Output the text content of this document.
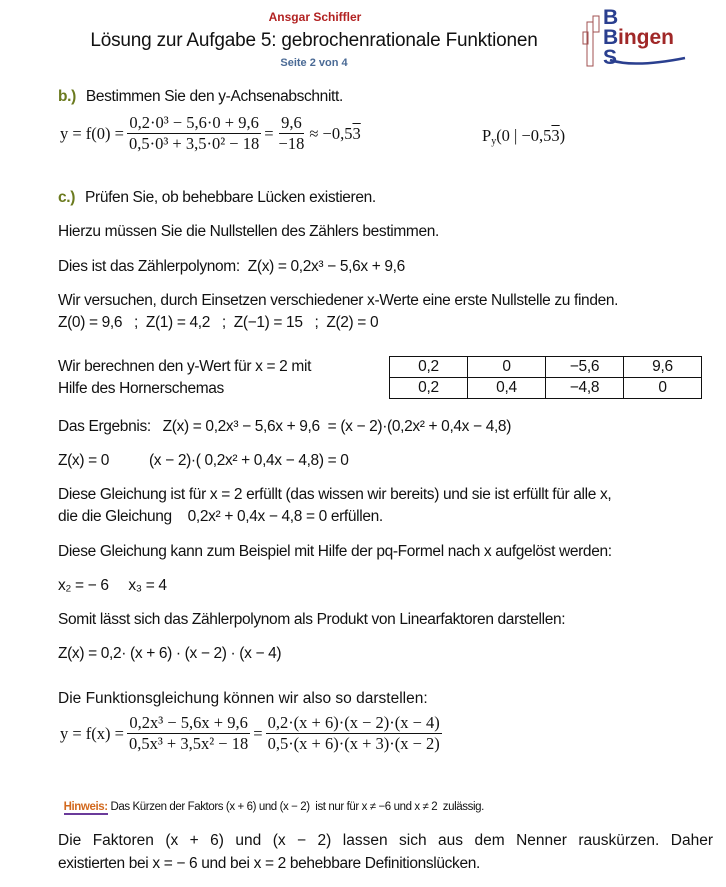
Ansgar Schiffler
Lösung zur Aufgabe 5: gebrochenrationale Funktionen
Seite 2 von 4
B
B ingen
S
b.) Bestimmen Sie den y-Achsenabschnitt.
$y = f(0) = \frac{\text{0,2·0³ − 5,6·0 + 9,6}}{\text{0,5·0³ + 3,5·0² − 18}} = \frac{9,6}{-18} \approx -0,5$ 3	$P_y(0$ | −0,53)
c.) Prüfen Sie, ob behebbare Lücken existieren.
Hierzu müssen Sie die Nullstellen des Zählers bestimmen.
Dies ist das Zählerpolynom: Z(x) = 0,2x³ − 5,6x + 9,6
Wir versuchen, durch Einsetzen verschiedener x-Werte eine erste Nullstelle zu finden.
Z(0) = 9,6   ;  Z(1) = 4,2   ;  Z(−1) = 15   ;  Z(2) = 0
Wir berechnen den y-Wert für x = 2 mit
Hilfe des Hornerschemas
0,2	0	−5,6	9,6
0,2	0,4	−4,8	0
Das Ergebnis:   Z(x) = 0,2x³ − 5,6x + 9,6  = (x − 2)·(0,2x² + 0,4x − 4,8)
Z(x) = 0	(x − 2)·( 0,2x² + 0,4x − 4,8) = 0
Diese Gleichung ist für x = 2 erfüllt (das wissen wir bereits) und sie ist erfüllt für alle x,
die die Gleichung    0,2x² + 0,4x − 4,8 = 0 erfüllen.
Diese Gleichung kann zum Beispiel mit Hilfe der pq-Formel nach x aufgelöst werden:
x₂ = − 6     x₃ = 4
Somit lässt sich das Zählerpolynom als Produkt von Linearfaktoren darstellen:
Z(x) = 0,2· (x + 6) · (x − 2) · (x − 4)
Die Funktionsgleichung können wir also so darstellen:
$y = f(x) = \frac{\text{0,2x³ − 5,6x + 9,6}}{\text{0,5x³ + 3,5x² − 18}} = \frac{0,2\cdot(x + 6)\cdot(x - 2)\cdot(x - 4)}{0,5\cdot(x + 6)\cdot(x + 3)\cdot(x - 2)}$

Hinweis: Das Kürzen der Faktors (x + 6) und (x − 2)  ist nur für x ≠ −6 und x ≠ 2  zulässig.

Die Faktoren (x + 6) und (x − 2) lassen sich aus dem Nenner rauskürzen. Daher
existierten bei x = − 6 und bei x = 2 behebbare Definitionslücken.
